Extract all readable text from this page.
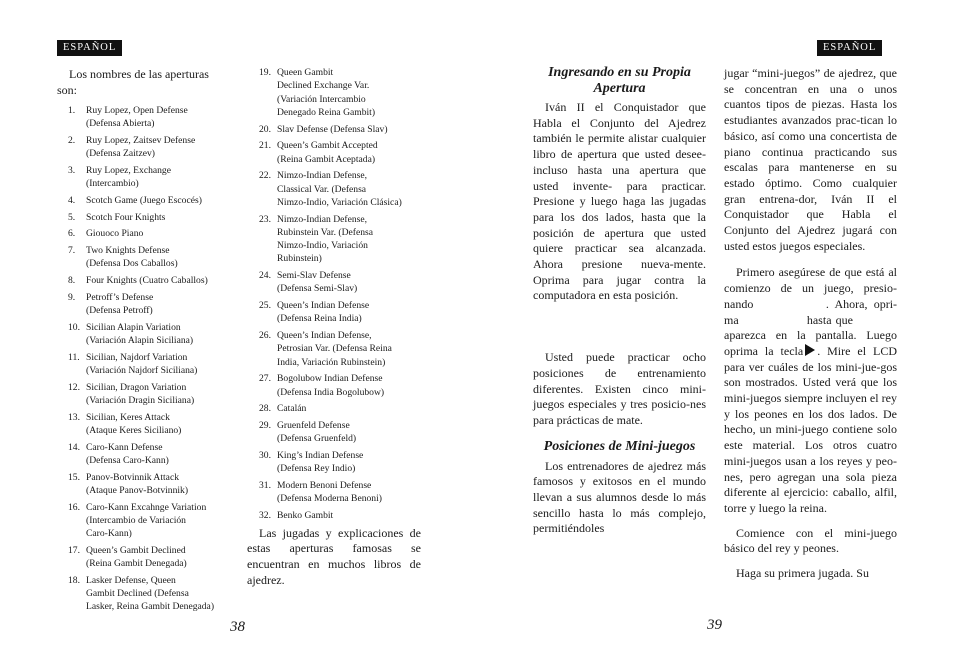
ESPAÑOL

Los nombres de las aperturas son:

1.	Ruy Lopez, Open Defense
(Defensa Abierta)
2.	Ruy Lopez, Zaitsev Defense
(Defensa Zaitzev)
3.	Ruy Lopez, Exchange
(Intercambio)
4.	Scotch Game (Juego Escocés)
5.	Scotch Four Knights
6.	Giouoco Piano
7.	Two Knights Defense
(Defensa Dos Caballos)
8.	Four Knights (Cuatro Caballos)
9.	Petroff’s Defense
(Defensa Petroff)
10. Sicilian Alapin Variation
(Variación Alapin Siciliana)
11. Sicilian, Najdorf Variation
(Variación Najdorf Siciliana)
12. Sicilian, Dragon Variation
(Variación Dragin Siciliana)
13. Sicilian, Keres Attack
(Ataque Keres Siciliano)
14. Caro-Kann Defense
(Defensa Caro-Kann)
15. Panov-Botvinnik Attack
(Ataque Panov-Botvinnik)
16. Caro-Kann Excahnge Variation
(Intercambio de Variación
Caro-Kann)
17. Queen’s Gambit Declined
(Reina Gambit Denegada)
18. Lasker Defense, Queen
Gambit Declined (Defensa
Lasker, Reina Gambit Denegada)
19. Queen Gambit
Declined Exchange Var.
(Variación Intercambio
Denegado Reina Gambit)
20. Slav Defense (Defensa Slav)
21. Queen’s Gambit Accepted
(Reina Gambit Aceptada)
22. Nimzo-Indian Defense,
Classical Var. (Defensa
Nimzo-Indio, Variación Clásica)
23. Nimzo-Indian Defense,
Rubinstein Var. (Defensa
Nimzo-Indio, Variación
Rubinstein)
24. Semi-Slav Defense
(Defensa Semi-Slav)
25. Queen’s Indian Defense
(Defensa Reina India)
26. Queen’s Indian Defense,
Petrosian Var. (Defensa Reina
India, Variación Rubinstein)
27. Bogolubow Indian Defense
(Defensa India Bogolubow)
28. Catalán
29. Gruenfeld Defense
(Defensa Gruenfeld)
30. King’s Indian Defense
(Defensa Rey Indio)
31. Modern Benoni Defense
(Defensa Moderna Benoni)
32. Benko Gambit

Las jugadas y explicaciones de estas aperturas famosas se encuentran en muchos libros de ajedrez.

38
ESPAÑOL
Ingresando en su Propia Apertura

Iván II el Conquistador que Habla el Conjunto del Ajedrez también le permite alistar cualquier libro de apertura que usted desee-incluso hasta una apertura que usted invente- para practicar. Presione y luego haga las jugadas para los dos lados, hasta que la posición de apertura que usted quiere practicar sea alcanzada. Ahora presione nueva-mente. Oprima para jugar contra la computadora en esta posición.

Usted puede practicar ocho posiciones de entrenamiento diferentes. Existen cinco mini-juegos especiales y tres posicio-nes para prácticas de mate.

Posiciones de Mini-juegos

Los entrenadores de ajedrez más famosos y exitosos en el mundo llevan a sus alumnos desde lo más sencillo hasta lo más complejo, permitiéndoles

jugar “mini-juegos” de ajedrez, que se concentran en una o unos cuantos tipos de piezas. Hasta los estudiantes avanzados prac-tican lo básico, así como una concertista de piano continua practicando sus escalas para mantenerse en su estado óptimo. Como cualquier gran entrena-dor, Iván II el Conquistador que Habla el Conjunto del Ajedrez jugará con usted estos juegos especiales.

Primero asegúrese de que está al comienzo de un juego, presio-nando	. Ahora, opri-ma	hasta que  aparezca en la pantalla. Luego oprima la tecla . Mire el LCD para ver cuáles de los mini-jue-gos son mostrados. Usted verá que los mini-juegos siempre incluyen el rey y los peones en los dos lados. De hecho, un mini-juego contiene solo este material. Los otros cuatro mini-juegos usan a los reyes y peo-nes, pero agregan una sola pieza diferente al ejercicio: caballo, alfil, torre y luego la reina.

Comience con el mini-juego básico del rey y peones.

Haga su primera jugada. Su

39
